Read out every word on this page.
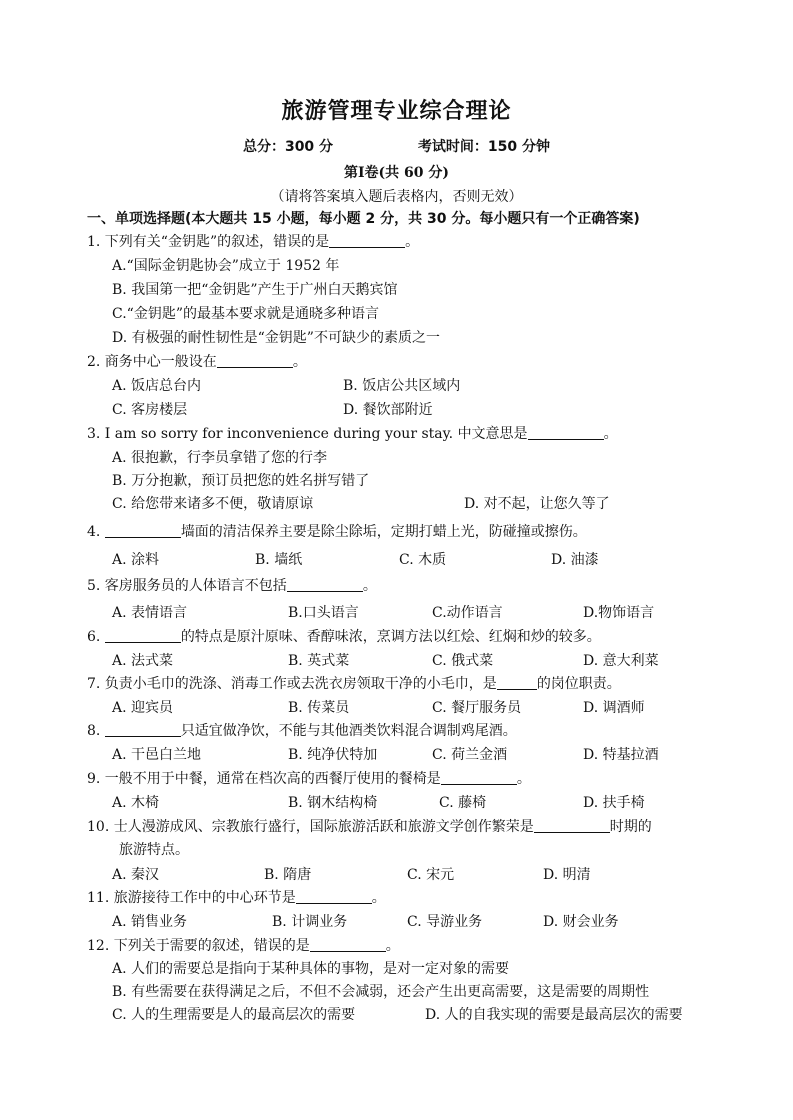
旅游管理专业综合理论
总分：300 分	考试时间：150 分钟
第Ⅰ卷(共 60 分)
（请将答案填入题后表格内，否则无效）
一、单项选择题(本大题共 15 小题，每小题 2 分，共 30 分。每小题只有一个正确答案)
1. 下列有关“金钥匙”的叙述，错误的是	。
A.“国际金钥匙协会”成立于 1952 年
B. 我国第一把“金钥匙”产生于广州白天鹅宾馆
C.“金钥匙”的最基本要求就是通晓多种语言
D. 有极强的耐性韧性是“金钥匙”不可缺少的素质之一
2. 商务中心一般设在	。
A. 饭店总台内	B. 饭店公共区域内
C. 客房楼层	D. 餐饮部附近
3. I am so sorry for inconvenience during your stay. 中文意思是	。
A. 很抱歉，行李员拿错了您的行李
B. 万分抱歉，预订员把您的姓名拼写错了
C. 给您带来诸多不便，敬请原谅	D. 对不起，让您久等了
4.	墙面的清洁保养主要是除尘除垢，定期打蜡上光，防碰撞或擦伤。
A. 涂料	B. 墙纸	C. 木质	D. 油漆
5. 客房服务员的人体语言不包括	。
A. 表情语言	B.口头语言	C.动作语言	D.物饰语言
6.	的特点是原汁原味、香醇味浓，烹调方法以红烩、红焖和炒的较多。
A. 法式菜	B. 英式菜	C. 俄式菜	D. 意大利菜
7. 负责小毛巾的洗涤、消毒工作或去洗衣房领取干净的小毛巾，是	的岗位职责。
A. 迎宾员	B. 传菜员	C. 餐厅服务员	D. 调酒师
8.	只适宜做净饮，不能与其他酒类饮料混合调制鸡尾酒。
A. 干邑白兰地	B. 纯净伏特加	C. 荷兰金酒	D. 特基拉酒
9. 一般不用于中餐，通常在档次高的西餐厅使用的餐椅是	。
A. 木椅	B. 钢木结构椅	C. 藤椅	D. 扶手椅
10. 士人漫游成风、宗教旅行盛行，国际旅游活跃和旅游文学创作繁荣是	时期的
旅游特点。
A. 秦汉	B. 隋唐	C. 宋元	D. 明清
11. 旅游接待工作中的中心环节是	。
A. 销售业务	B. 计调业务	C. 导游业务	D. 财会业务
12. 下列关于需要的叙述，错误的是	。
A. 人们的需要总是指向于某种具体的事物，是对一定对象的需要
B. 有些需要在获得满足之后，不但不会减弱，还会产生出更高需要，这是需要的周期性
C. 人的生理需要是人的最高层次的需要	D. 人的自我实现的需要是最高层次的需要
